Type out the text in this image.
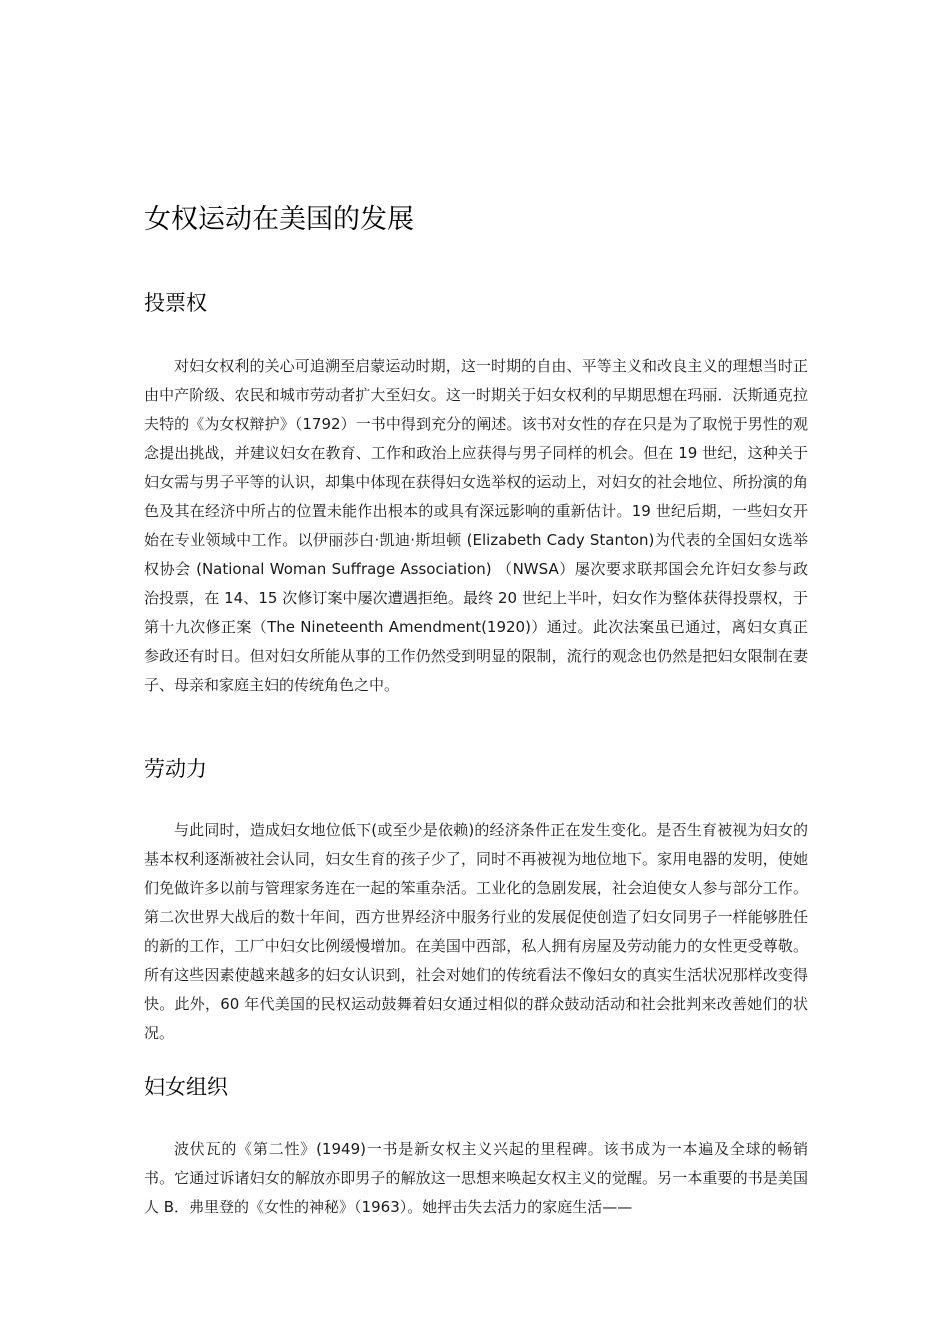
女权运动在美国的发展
投票权

对妇女权利的关心可追溯至启蒙运动时期，这一时期的自由、平等主义和改良主义的理想当时正由中产阶级、农民和城市劳动者扩大至妇女。这一时期关于妇女权利的早期思想在玛丽．沃斯通克拉夫特的《为女权辩护》（1792）一书中得到充分的阐述。该书对女性的存在只是为了取悦于男性的观念提出挑战，并建议妇女在教育、工作和政治上应获得与男子同样的机会。但在 19 世纪，这种关于妇女需与男子平等的认识，却集中体现在获得妇女选举权的运动上，对妇女的社会地位、所扮演的角色及其在经济中所占的位置未能作出根本的或具有深远影响的重新估计。19 世纪后期，一些妇女开始在专业领域中工作。以伊丽莎白·凯迪·斯坦顿 (Elizabeth Cady Stanton)为代表的全国妇女选举权协会 (National Woman Suffrage Association) （NWSA）屡次要求联邦国会允许妇女参与政治投票，在 14、15 次修订案中屡次遭遇拒绝。最终 20 世纪上半叶，妇女作为整体获得投票权，于第十九次修正案（The Nineteenth Amendment(1920)）通过。此次法案虽已通过，离妇女真正参政还有时日。但对妇女所能从事的工作仍然受到明显的限制，流行的观念也仍然是把妇女限制在妻子、母亲和家庭主妇的传统角色之中。

劳动力

与此同时，造成妇女地位低下(或至少是依赖)的经济条件正在发生变化。是否生育被视为妇女的基本权利逐渐被社会认同，妇女生育的孩子少了，同时不再被视为地位地下。家用电器的发明，使她们免做许多以前与管理家务连在一起的笨重杂活。工业化的急剧发展，社会迫使女人参与部分工作。第二次世界大战后的数十年间，西方世界经济中服务行业的发展促使创造了妇女同男子一样能够胜任的新的工作，工厂中妇女比例缓慢增加。在美国中西部，私人拥有房屋及劳动能力的女性更受尊敬。所有这些因素使越来越多的妇女认识到，社会对她们的传统看法不像妇女的真实生活状况那样改变得快。此外，60 年代美国的民权运动鼓舞着妇女通过相似的群众鼓动活动和社会批判来改善她们的状况。

妇女组织

波伏瓦的《第二性》(1949)一书是新女权主义兴起的里程碑。该书成为一本遍及全球的畅销书。它通过诉诸妇女的解放亦即男子的解放这一思想来唤起女权主义的觉醒。另一本重要的书是美国人 B．弗里登的《女性的神秘》（1963）。她抨击失去活力的家庭生活——
